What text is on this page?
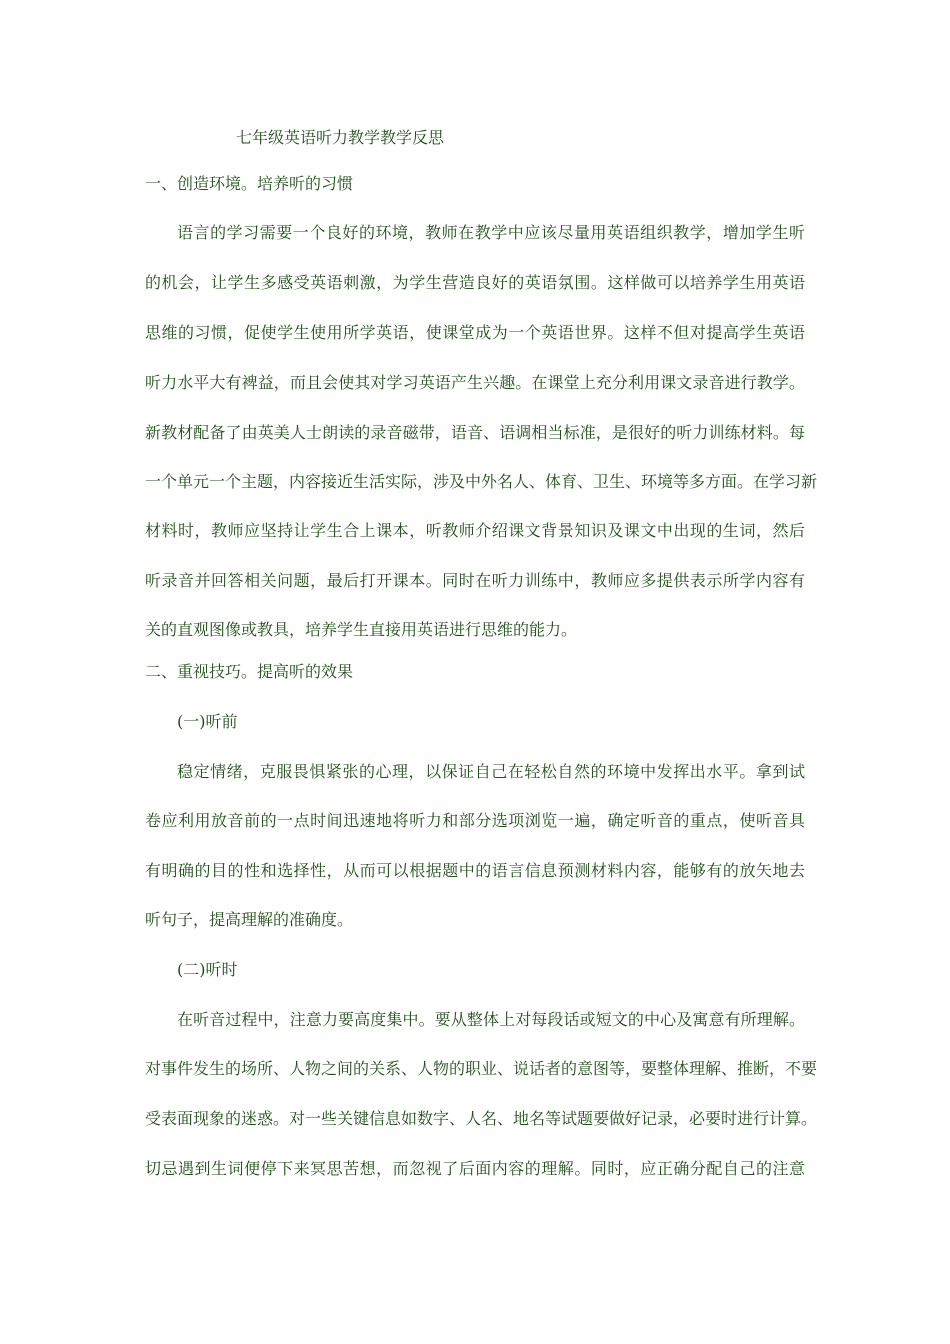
七年级英语听力教学教学反思

一、创造环境。培养听的习惯

语言的学习需要一个良好的环境，教师在教学中应该尽量用英语组织教学，增加学生听

的机会，让学生多感受英语刺激，为学生营造良好的英语氛围。这样做可以培养学生用英语

思维的习惯，促使学生使用所学英语，使课堂成为一个英语世界。这样不但对提高学生英语

听力水平大有裨益，而且会使其对学习英语产生兴趣。在课堂上充分利用课文录音进行教学。

新教材配备了由英美人士朗读的录音磁带，语音、语调相当标准，是很好的听力训练材料。每

一个单元一个主题，内容接近生活实际，涉及中外名人、体育、卫生、环境等多方面。在学习新

材料时，教师应坚持让学生合上课本，听教师介绍课文背景知识及课文中出现的生词，然后

听录音并回答相关问题，最后打开课本。同时在听力训练中，教师应多提供表示所学内容有

关的直观图像或教具，培养学生直接用英语进行思维的能力。

二、重视技巧。提高听的效果

(一)听前

稳定情绪，克服畏惧紧张的心理，以保证自己在轻松自然的环境中发挥出水平。拿到试

卷应利用放音前的一点时间迅速地将听力和部分选项浏览一遍，确定听音的重点，使听音具

有明确的目的性和选择性，从而可以根据题中的语言信息预测材料内容，能够有的放矢地去

听句子，提高理解的准确度。

(二)听时

在听音过程中，注意力要高度集中。要从整体上对每段话或短文的中心及寓意有所理解。

对事件发生的场所、人物之间的关系、人物的职业、说话者的意图等，要整体理解、推断，不要

受表面现象的迷惑。对一些关键信息如数字、人名、地名等试题要做好记录，必要时进行计算。

切忌遇到生词便停下来冥思苦想，而忽视了后面内容的理解。同时，应正确分配自己的注意
